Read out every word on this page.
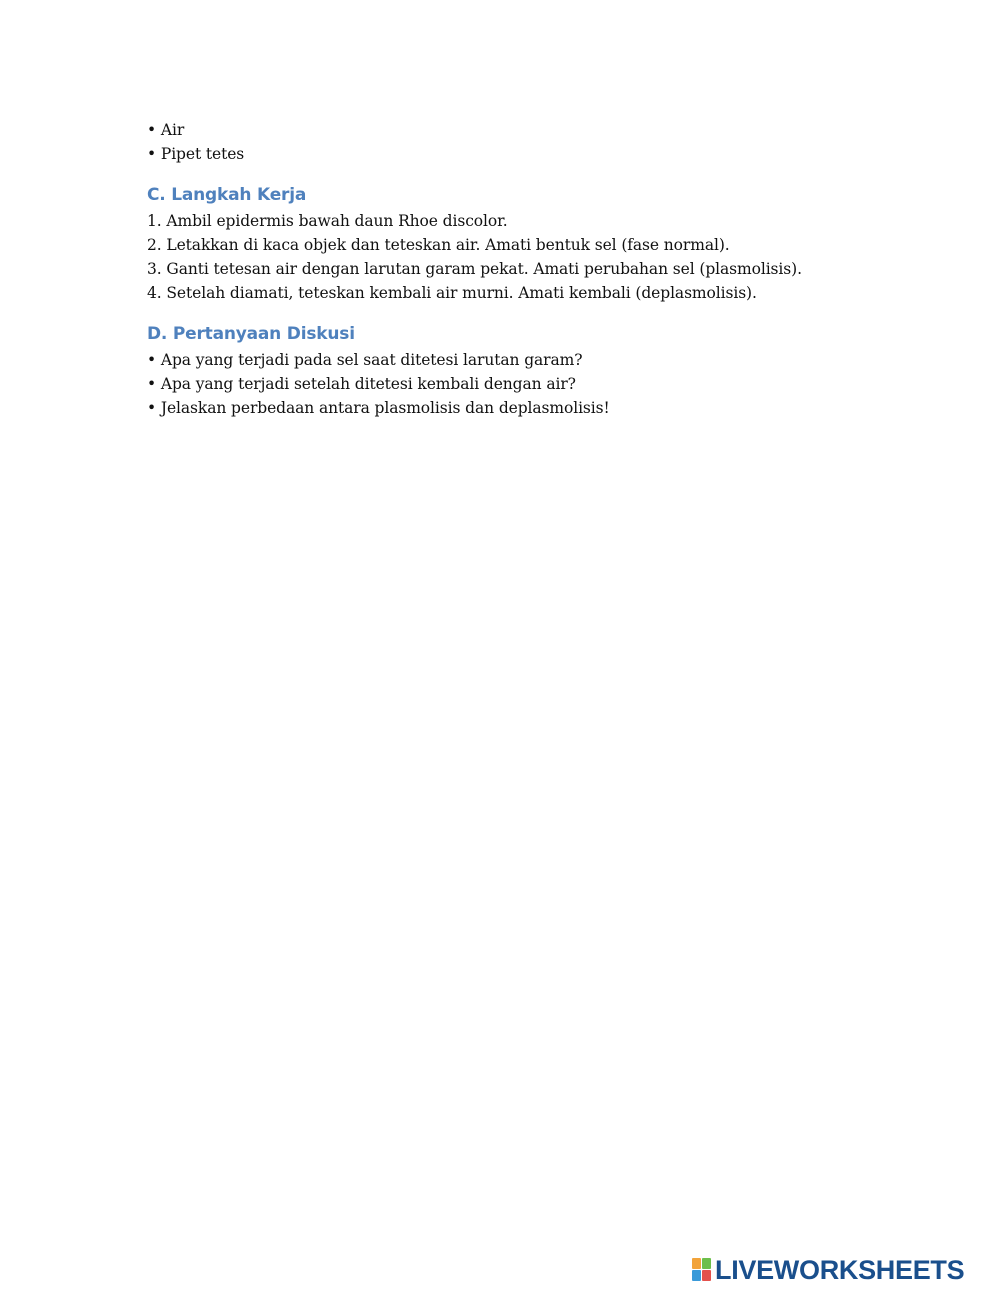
• Air
• Pipet tetes
C. Langkah Kerja
1. Ambil epidermis bawah daun Rhoe discolor.
2. Letakkan di kaca objek dan teteskan air. Amati bentuk sel (fase normal).
3. Ganti tetesan air dengan larutan garam pekat. Amati perubahan sel (plasmolisis).
4. Setelah diamati, teteskan kembali air murni. Amati kembali (deplasmolisis).
D. Pertanyaan Diskusi
• Apa yang terjadi pada sel saat ditetesi larutan garam?
• Apa yang terjadi setelah ditetesi kembali dengan air?
• Jelaskan perbedaan antara plasmolisis dan deplasmolisis!
LIVEWORKSHEETS
